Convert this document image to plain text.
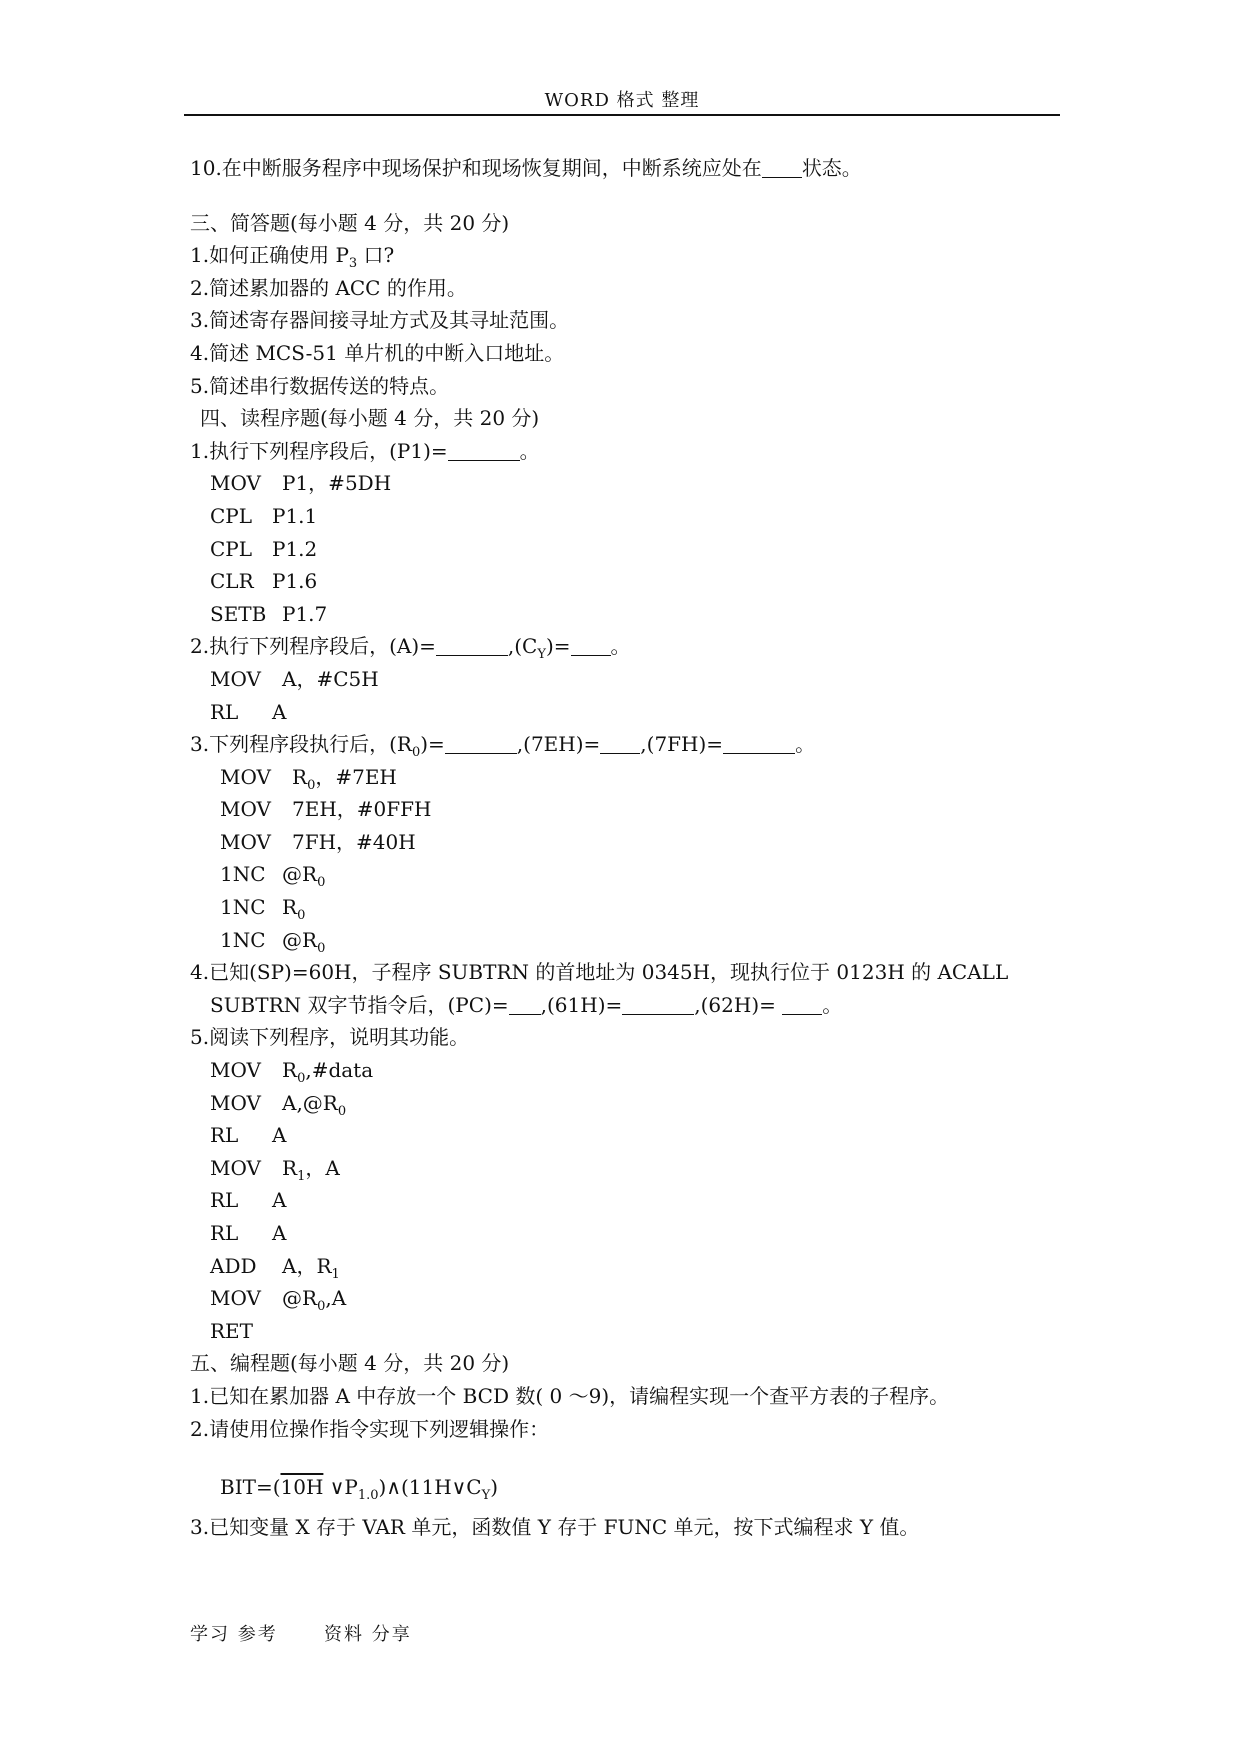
WORD 格式 整理
10.在中断服务程序中现场保护和现场恢复期间，中断系统应处在 状态。
三、简答题(每小题 4 分，共 20 分)
1.如何正确使用 $P_3$ 口?
2.简述累加器的 ACC 的作用。
3.简述寄存器间接寻址方式及其寻址范围。
4.简述 MCS-51 单片机的中断入口地址。
5.简述串行数据传送的特点。
四、读程序题(每小题 4 分，共 20 分)
1.执行下列程序段后，(P1)=	。
MOV P1，#5DH
CPL P1.1
CPL P1.2
CLR P1.6
SETB P1.7
2.执行下列程序段后，(A)=	$,(C_Y)=$ 。
MOV A，#C5H
RL A
3.下列程序段执行后，$(R_0)=$	,(7EH)= ,(7FH)=	。
MOV $R_0$，#7EH
MOV 7EH，#0FFH
MOV 7FH，#40H
1NC $@R_0$
1NC $R_0$
1NC $@R_0$
4.已知(SP)=60H，子程序 SUBTRN 的首地址为 0345H，现执行位于 0123H 的 ACALL
SUBTRN 双字节指令后，(PC)= ,(61H)=	,(62H)= 。
5.阅读下列程序，说明其功能。
MOV $R_0,\#data$
MOV $A,@R_0$
RL A
MOV $R_1$，A
RL A
RL A
ADD A，$R_1$
MOV $@R_0,A$
RET
五、编程题(每小题 4 分，共 20 分)
1.已知在累加器 A 中存放一个 BCD 数( 0 ～9)，请编程实现一个查平方表的子程序。
2.请使用位操作指令实现下列逻辑操作：
BIT=(10H $\vee P_{1.0})\wedge(11H\vee C_Y)$
3.已知变量 X 存于 VAR 单元，函数值 Y 存于 FUNC 单元，按下式编程求 Y 值。
学习 参考      资料 分享
